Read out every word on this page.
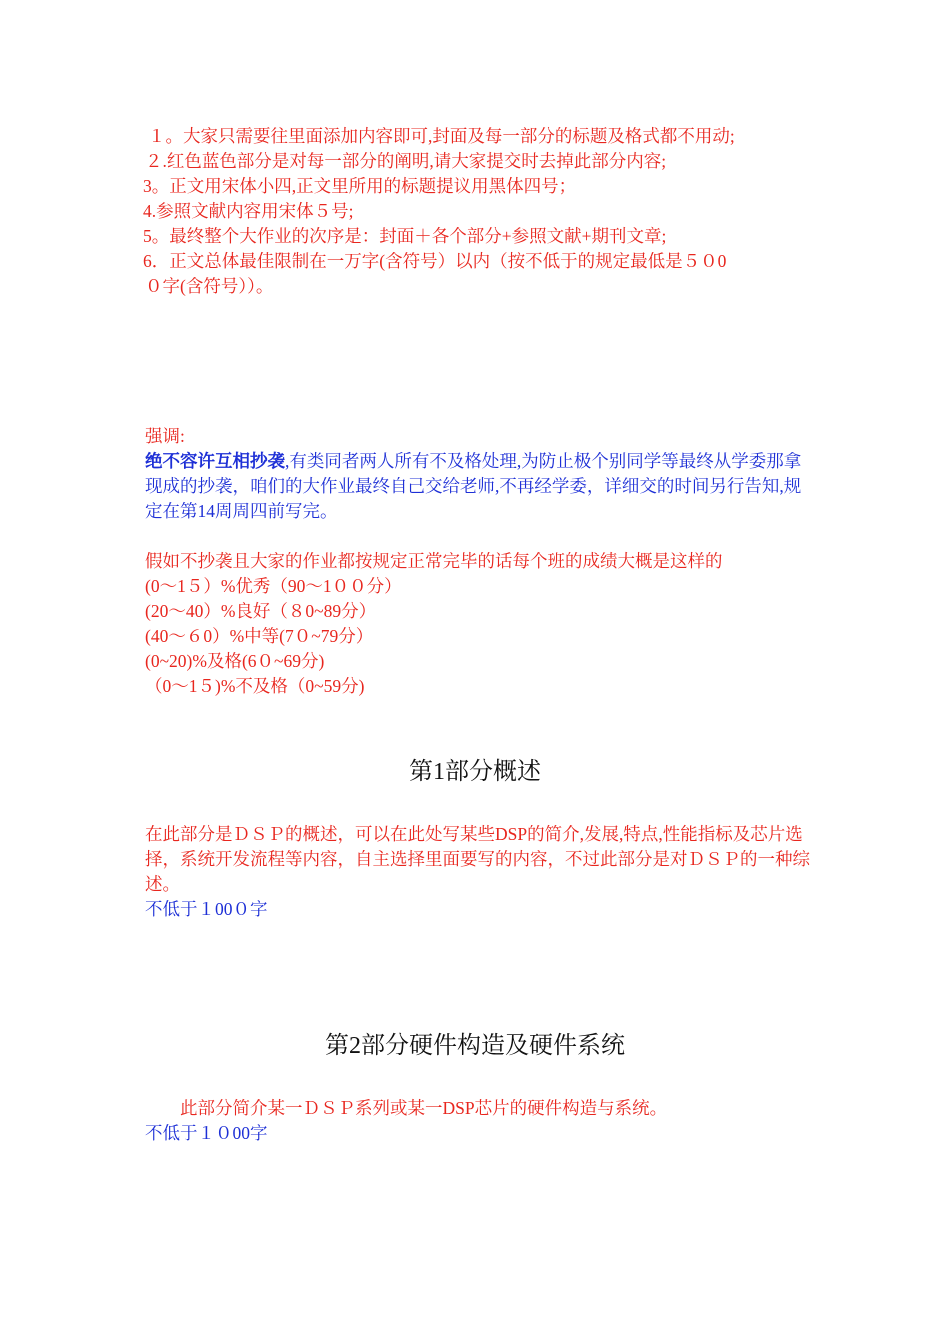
１。大家只需要往里面添加内容即可,封面及每一部分的标题及格式都不用动;
２.红色蓝色部分是对每一部分的阐明,请大家提交时去掉此部分内容;
3。正文用宋体小四,正文里所用的标题提议用黑体四号；
4.参照文献内容用宋体５号;
5。最终整个大作业的次序是：封面＋各个部分+参照文献+期刊文章;
6．正文总体最佳限制在一万字(含符号）以内（按不低于的规定最低是５０0
０字(含符号））。
强调:
绝不容许互相抄袭,有类同者两人所有不及格处理,为防止极个别同学等最终从学委那拿现成的抄袭，咱们的大作业最终自己交给老师,不再经学委，详细交的时间另行告知,规定在第14周周四前写完。
假如不抄袭且大家的作业都按规定正常完毕的话每个班的成绩大概是这样的
(0～1５）%优秀（90～1００分）
(20～40）%良好（８0~89分）
(40～６0）%中等(7０~79分）
(0~20)%及格(6０~69分)
（0～1５)%不及格（0~59分)
第1部分概述
在此部分是ＤＳＰ的概述，可以在此处写某些DSP的简介,发展,特点,性能指标及芯片选择，系统开发流程等内容，自主选择里面要写的内容，不过此部分是对ＤＳＰ的一种综述。
不低于１00０字
第2部分硬件构造及硬件系统
此部分简介某一ＤＳＰ系列或某一DSP芯片的硬件构造与系统。
不低于１０00字
